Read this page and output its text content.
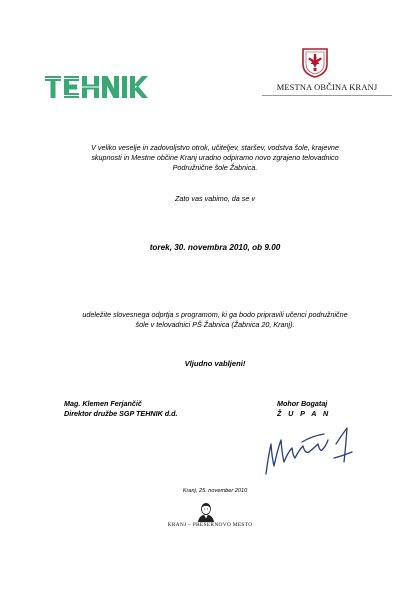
MESTNA OBČINA KRANJ
V veliko veselje in zadovoljstvo otrok, učiteljev, staršev, vodstva šole, krajevne
skupnosti in Mestne občine Kranj uradno odpiramo novo zgrajeno telovadnico
Podružnične šole Žabnica.
Zato vas vabimo, da se v
torek, 30. novembra 2010, ob 9.00
udeležite slovesnega odprtja s programom, ki ga bodo pripravili učenci podružnične
šole v telovadnici PŠ Žabnica (Žabnica 20, Kranj).
Vljudno vabljeni!
Mag. Klemen Ferjančič
Direktor družbe SGP TEHNIK d.d.
Mohor Bogataj
Ž U P A N
Kranj, 25. november 2010
KRANJ – PREŠERNOVO MESTO
